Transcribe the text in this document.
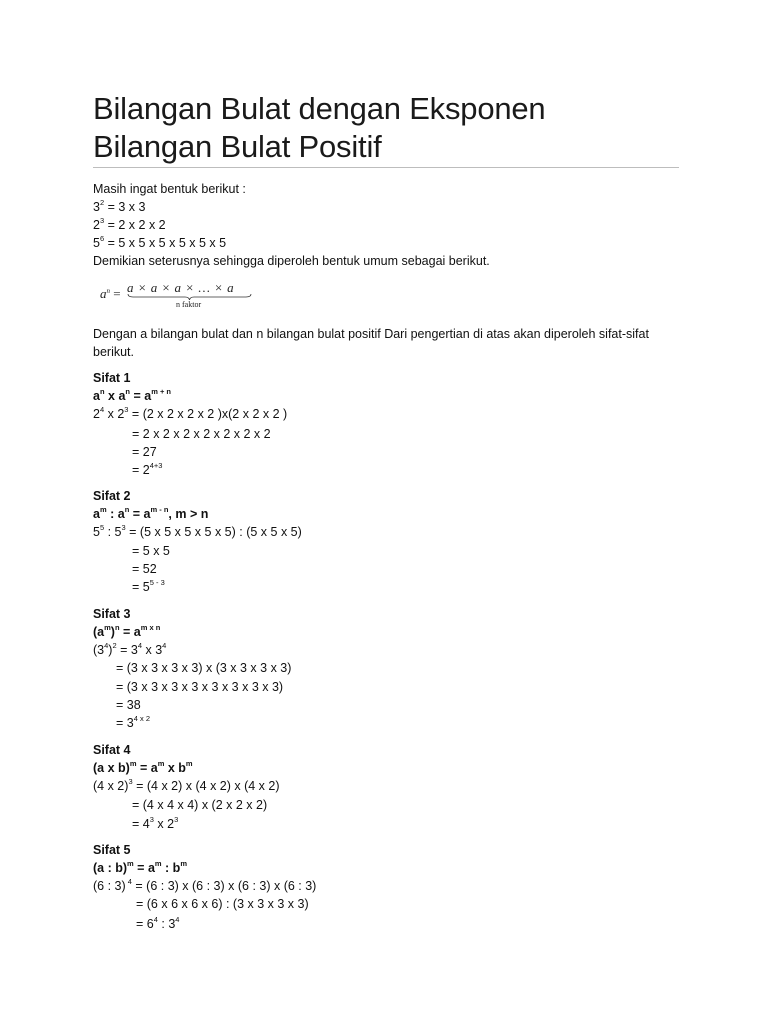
Bilangan Bulat dengan Eksponen
Bilangan Bulat Positif
Masih ingat bentuk berikut :
$3^2 = 3$ x 3
$2^3 = 2$ x 2 x 2
$5^6 = 5$ x 5 x 5 x 5 x 5 x 5
Demikian seterusnya sehingga diperoleh bentuk umum sebagai berikut.
$a^n = a \times a \times a$ × … × a
n faktor
Dengan a bilangan bulat dan n bilangan bulat positif Dari pengertian di atas akan diperoleh sifat-sifat
berikut.
Sifat 1
$a^n$ x $a^n = a^{m + n}$
$2^4$ x $2^3 = (2$ x 2 x 2 x 2 )x(2 x 2 x 2 )
= 2 x 2 x 2 x 2 x 2 x 2 x 2
= 27
= $2^{4+3}$
Sifat 2
$a^m$ : $a^n = a^{m - n}$, m > n
$5^5$ : $5^3 = (5$ x 5 x 5 x 5 x 5) : (5 x 5 x 5)
= 5 x 5
= 52
= $5^{5 - 3}$
Sifat 3
$(a^m)^n = a^{m x n}$
$(3^4)^2 = 3^4$ x $3^4$
= (3 x 3 x 3 x 3) x (3 x 3 x 3 x 3)
= (3 x 3 x 3 x 3 x 3 x 3 x 3 x 3)
= 38
= $3^{4 x 2}$
Sifat 4
(a x $b)^m = a^m$ x $b^m$
(4 x 2)$^3$ = (4 x 2) x (4 x 2) x (4 x 2)
= (4 x 4 x 4) x (2 x 2 x 2)
= $4^3$ x $2^3$
Sifat 5
(a : $b)^m = a^m$ : $b^m$
(6 : 3) $^4$ = (6 : 3) x (6 : 3) x (6 : 3) x (6 : 3)
= (6 x 6 x 6 x 6) : (3 x 3 x 3 x 3)
= $6^4$ : $3^4$
